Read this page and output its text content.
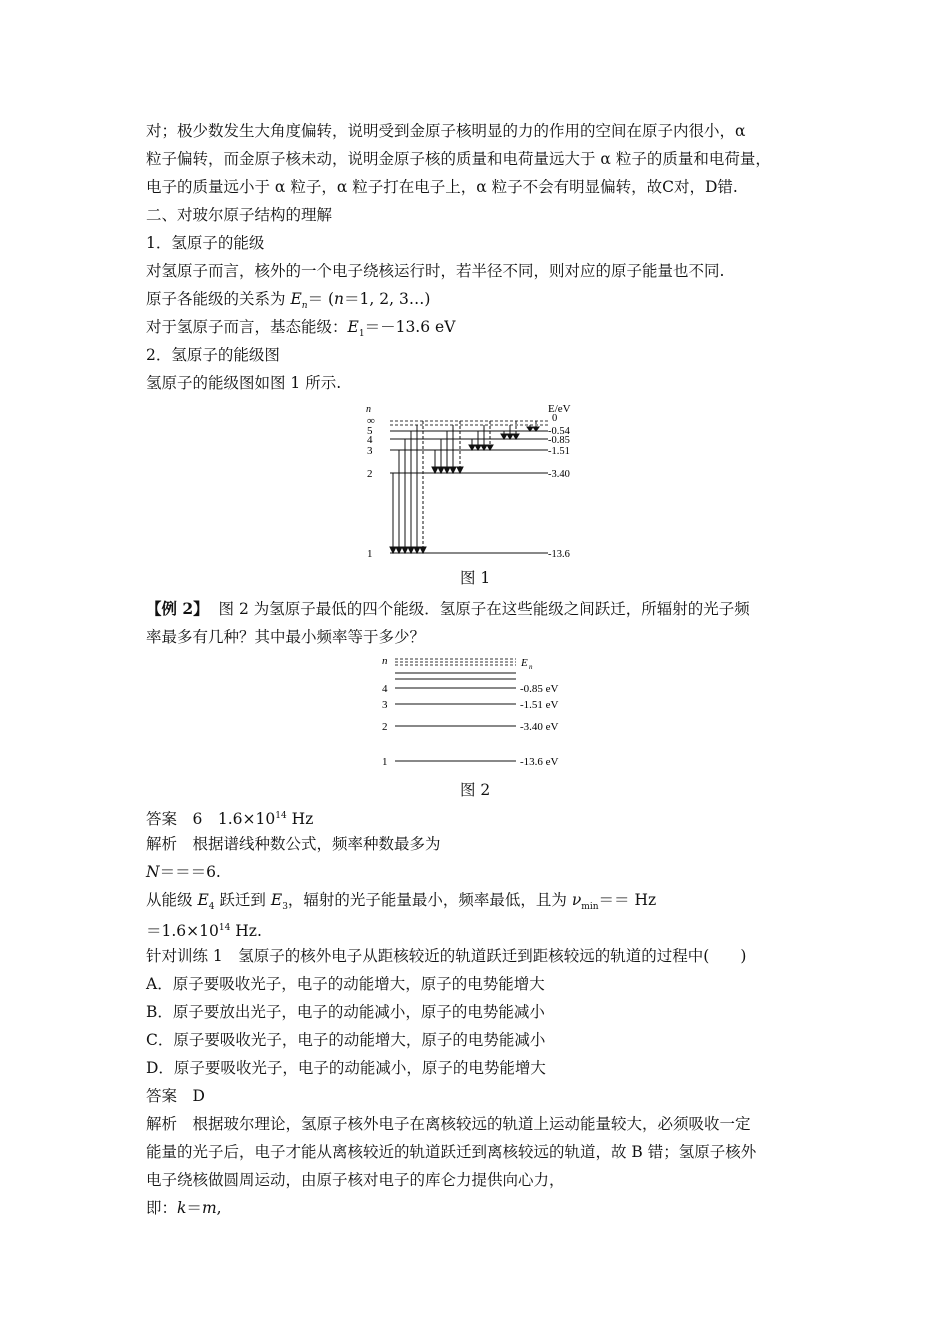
对；极少数发生大角度偏转，说明受到金原子核明显的力的作用的空间在原子内很小，α
粒子偏转，而金原子核未动，说明金原子核的质量和电荷量远大于 α 粒子的质量和电荷量，
电子的质量远小于 α 粒子，α 粒子打在电子上，α 粒子不会有明显偏转，故C对，D错.
二、对玻尔原子结构的理解
1．氢原子的能级
对氢原子而言，核外的一个电子绕核运行时，若半径不同，则对应的原子能量也不同.
原子各能级的关系为 $E_n= (n=1$, 2, 3…)
对于氢原子而言，基态能级：$E_1=-13.6$ eV
2．氢原子的能级图
氢原子的能级图如图 1 所示.
n	E/eV
∞
5
4
3
2
1
0
-0.54
-0.85
-1.51
-3.40
-13.6
图 1
【例 2】 图 2 为氢原子最低的四个能级．氢原子在这些能级之间跃迁，所辐射的光子频
率最多有几种？其中最小频率等于多少？
n	E n
4
3
2
1
-0.85 eV
-1.51 eV
-3.40 eV
-13.6 eV
图 2
答案　6　$1.6\times 10^{14}$ Hz
解析　根据谱线种数公式，频率种数最多为
N＝＝＝6.
从能级 $E_4$ 跃迁到 $E_3$，辐射的光子能量最小，频率最低，且为 $\nu_{min}== Hz$
$=1.6\times 10^{14}$ Hz.
针对训练 1　氢原子的核外电子从距核较近的轨道跃迁到距核较远的轨道的过程中(　　)
A．原子要吸收光子，电子的动能增大，原子的电势能增大
B．原子要放出光子，电子的动能减小，原子的电势能减小
C．原子要吸收光子，电子的动能增大，原子的电势能减小
D．原子要吸收光子，电子的动能减小，原子的电势能增大
答案　D
解析　根据玻尔理论，氢原子核外电子在离核较远的轨道上运动能量较大，必须吸收一定
能量的光子后，电子才能从离核较近的轨道跃迁到离核较远的轨道，故 B 错；氢原子核外
电子绕核做圆周运动，由原子核对电子的库仑力提供向心力，
即：k＝m,
